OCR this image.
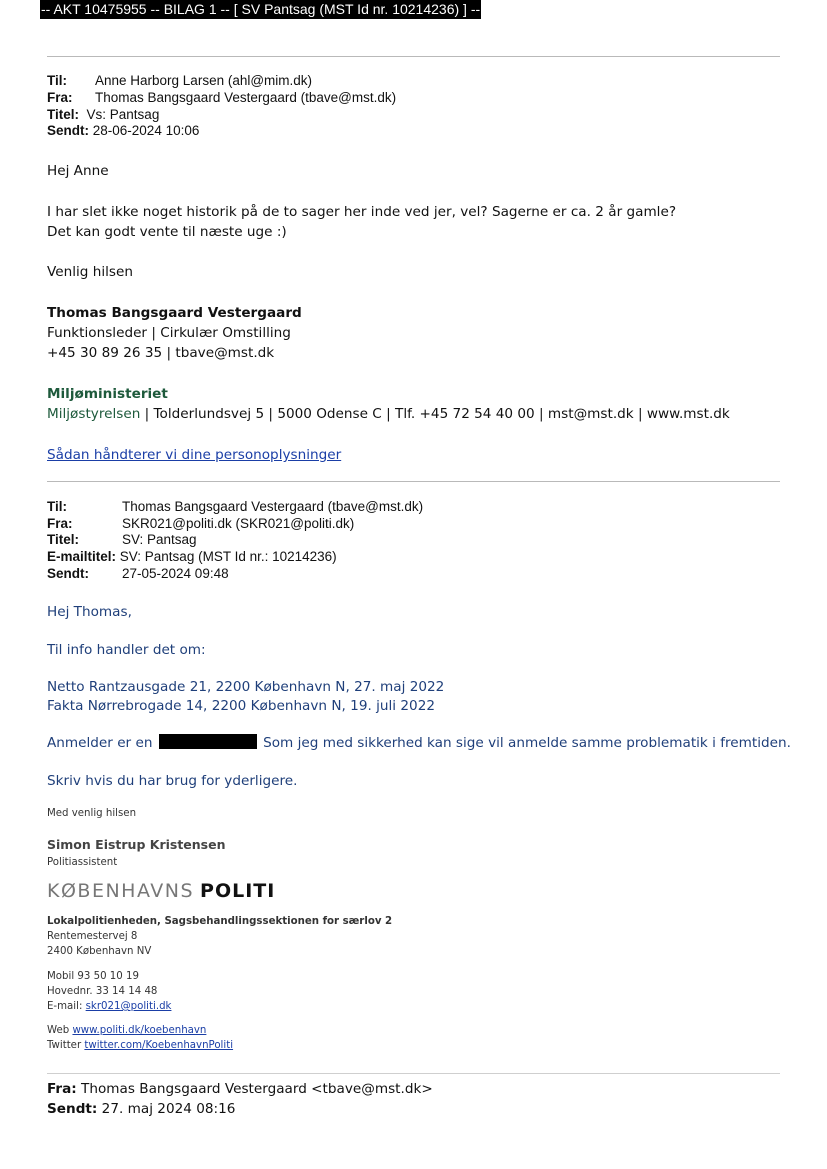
-- AKT 10475955 -- BILAG 1 -- [ SV Pantsag (MST Id nr. 10214236) ] --
Til: Anne Harborg Larsen (ahl@mim.dk)
Fra: Thomas Bangsgaard Vestergaard (tbave@mst.dk)
Titel: Vs: Pantsag
Sendt: 28-06-2024 10:06
Hej Anne
I har slet ikke noget historik på de to sager her inde ved jer, vel? Sagerne er ca. 2 år gamle?
Det kan godt vente til næste uge :)
Venlig hilsen
Thomas Bangsgaard Vestergaard
Funktionsleder | Cirkulær Omstilling
+45 30 89 26 35 | tbave@mst.dk
Miljøministeriet
Miljøstyrelsen | Tolderlundsvej 5 | 5000 Odense C | Tlf. +45 72 54 40 00 | mst@mst.dk | www.mst.dk
Sådan håndterer vi dine personoplysninger
Til:	Thomas Bangsgaard Vestergaard (tbave@mst.dk)
Fra:	SKR021@politi.dk (SKR021@politi.dk)
Titel:	SV: Pantsag
E-mailtitel: SV: Pantsag (MST Id nr.: 10214236)
Sendt: 27-05-2024 09:48
Hej Thomas,
Til info handler det om:
Netto Rantzausgade 21, 2200 København N, 27. maj 2022
Fakta Nørrebrogade 14, 2200 København N, 19. juli 2022
Anmelder er en	Som jeg med sikkerhed kan sige vil anmelde samme problematik i fremtiden.
Skriv hvis du har brug for yderligere.
Med venlig hilsen
Simon Eistrup Kristensen
Politiassistent
KØBENHAVNS POLITI
Lokalpolitienheden, Sagsbehandlingssektionen for særlov 2
Rentemestervej 8
2400 København NV
Mobil 93 50 10 19
Hovednr. 33 14 14 48
E-mail: skr021@politi.dk
Web www.politi.dk/koebenhavn
Twitter twitter.com/KoebenhavnPoliti
Fra: Thomas Bangsgaard Vestergaard <tbave@mst.dk>
Sendt: 27. maj 2024 08:16
